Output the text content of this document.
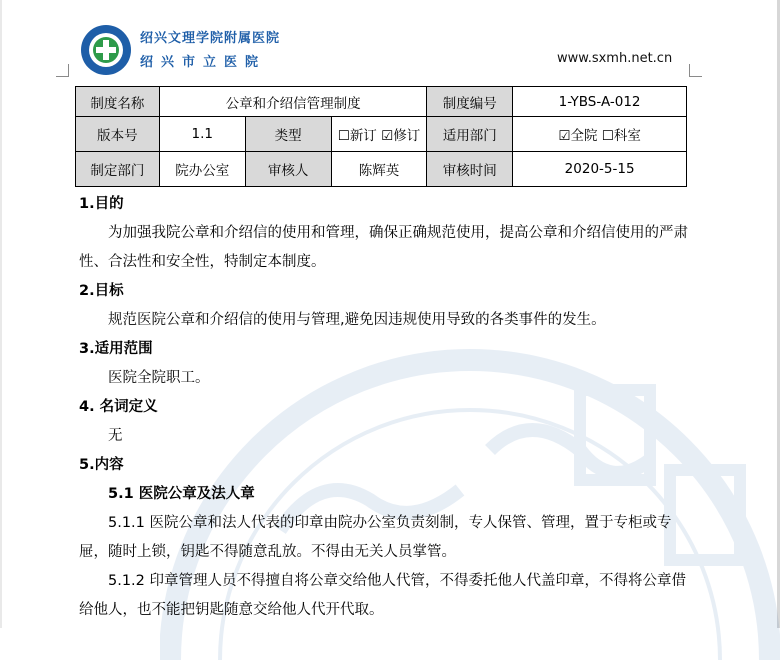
绍兴文理学院附属医院
绍兴市立医院	www.sxmh.net.cn
制度名称	公章和介绍信管理制度			制度编号	1-YBS-A-012
版本号	1.1	类型	☐新订 ☑修订	适用部门	☑全院 ☐科室
制定部门	院办公室	审核人	陈辉英	审核时间	2020-5-15
1.目的
为加强我院公章和介绍信的使用和管理，确保正确规范使用，提高公章和介绍信使用的严肃性、合法性和安全性，特制定本制度。
2.目标
规范医院公章和介绍信的使用与管理,避免因违规使用导致的各类事件的发生。
3.适用范围
医院全院职工。
4. 名词定义
无
5.内容
5.1 医院公章及法人章
5.1.1 医院公章和法人代表的印章由院办公室负责刻制，专人保管、管理，置于专柜或专屉，随时上锁，钥匙不得随意乱放。不得由无关人员掌管。
5.1.2 印章管理人员不得擅自将公章交给他人代管，不得委托他人代盖印章，不得将公章借给他人，也不能把钥匙随意交给他人代开代取。
